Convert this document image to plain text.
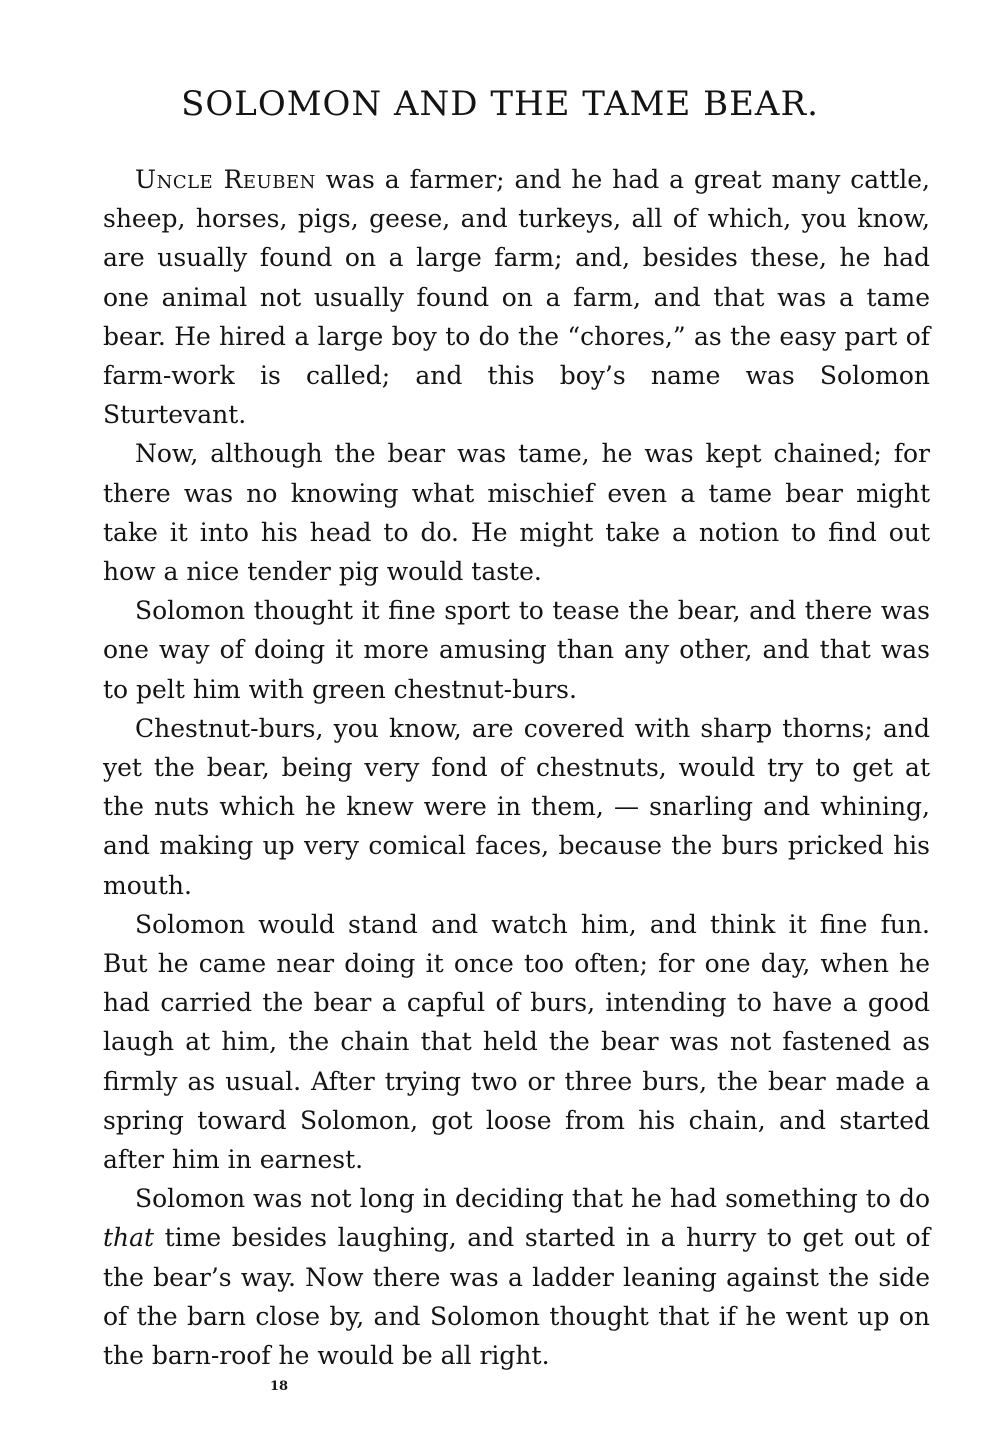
SOLOMON AND THE TAME BEAR.

Uncle Reuben was a farmer; and he had a great many cattle, sheep, horses, pigs, geese, and turkeys, all of which, you know, are usually found on a large farm; and, besides these, he had one animal not usually found on a farm, and that was a tame bear. He hired a large boy to do the “chores,” as the easy part of farm-work is called; and this boy’s name was Solomon Sturtevant.

Now, although the bear was tame, he was kept chained; for there was no knowing what mischief even a tame bear might take it into his head to do. He might take a notion to find out how a nice tender pig would taste.

Solomon thought it fine sport to tease the bear, and there was one way of doing it more amusing than any other, and that was to pelt him with green chestnut-burs.

Chestnut-burs, you know, are covered with sharp thorns; and yet the bear, being very fond of chestnuts, would try to get at the nuts which he knew were in them, — snarling and whining, and making up very comical faces, because the burs pricked his mouth.

Solomon would stand and watch him, and think it fine fun. But he came near doing it once too often; for one day, when he had carried the bear a capful of burs, intending to have a good laugh at him, the chain that held the bear was not fastened as firmly as usual. After trying two or three burs, the bear made a spring toward Solomon, got loose from his chain, and started after him in earnest.

Solomon was not long in deciding that he had something to do that time besides laughing, and started in a hurry to get out of the bear’s way. Now there was a ladder leaning against the side of the barn close by, and Solomon thought that if he went up on the barn-roof he would be all right.

18
